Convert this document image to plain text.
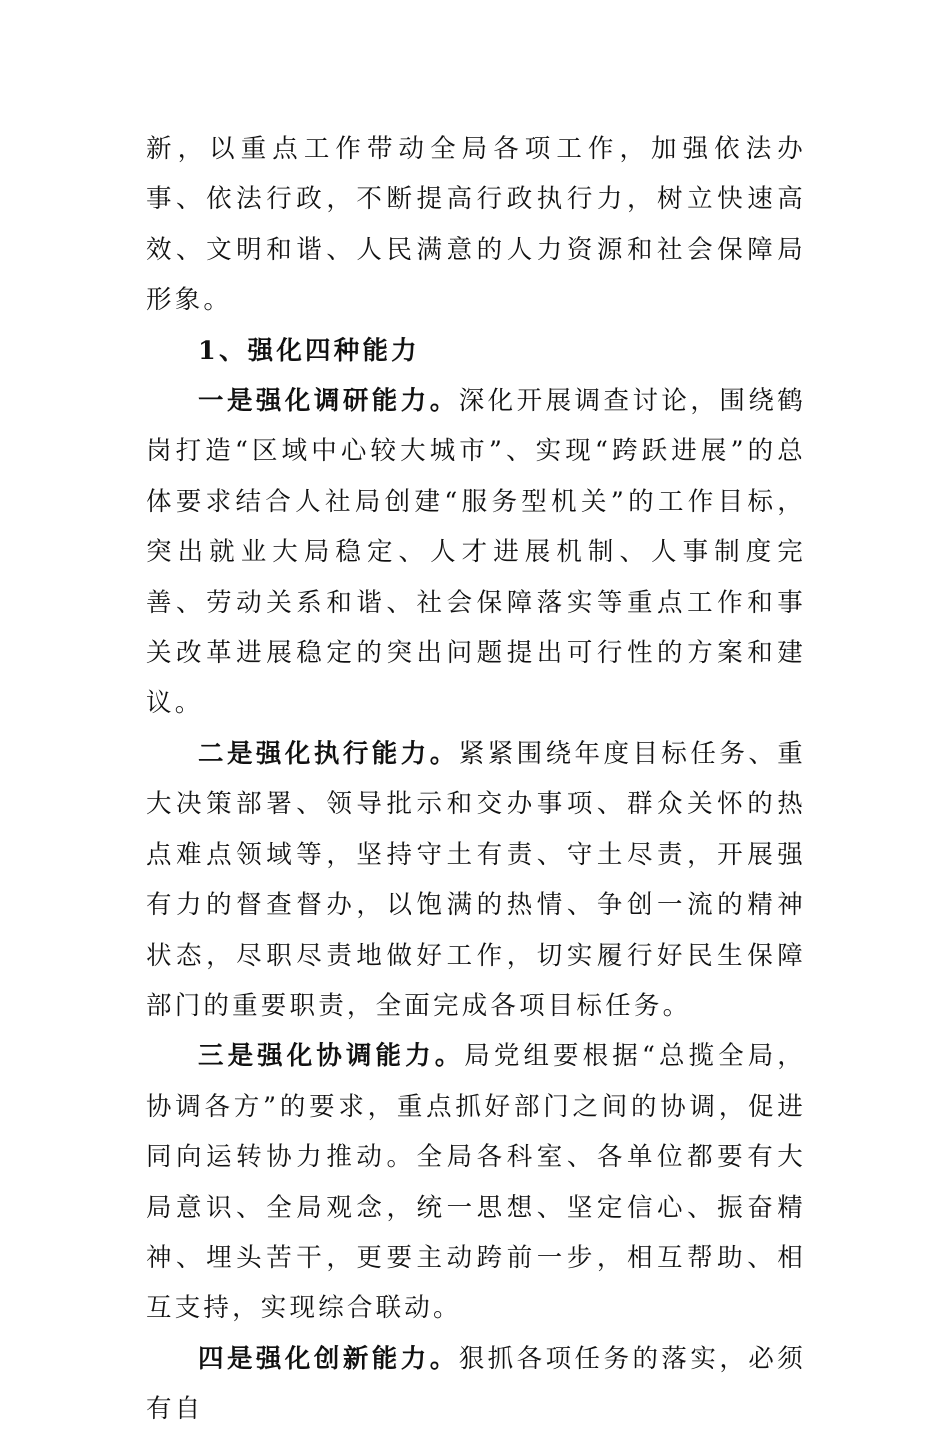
新，以重点工作带动全局各项工作，加强依法办事、依法行政，不断提高行政执行力，树立快速高效、文明和谐、人民满意的人力资源和社会保障局形象。

1、强化四种能力

一是强化调研能力。深化开展调查讨论，围绕鹤岗打造“区域中心较大城市”、实现“跨跃进展”的总体要求结合人社局创建“服务型机关”的工作目标，突出就业大局稳定、人才进展机制、人事制度完善、劳动关系和谐、社会保障落实等重点工作和事关改革进展稳定的突出问题提出可行性的方案和建议。

二是强化执行能力。紧紧围绕年度目标任务、重大决策部署、领导批示和交办事项、群众关怀的热点难点领域等，坚持守土有责、守土尽责，开展强有力的督查督办，以饱满的热情、争创一流的精神状态，尽职尽责地做好工作，切实履行好民生保障部门的重要职责，全面完成各项目标任务。

三是强化协调能力。局党组要根据“总揽全局，协调各方”的要求，重点抓好部门之间的协调，促进同向运转协力推动。全局各科室、各单位都要有大局意识、全局观念，统一思想、坚定信心、振奋精神、埋头苦干，更要主动跨前一步，相互帮助、相互支持，实现综合联动。

四是强化创新能力。狠抓各项任务的落实，必须有自
